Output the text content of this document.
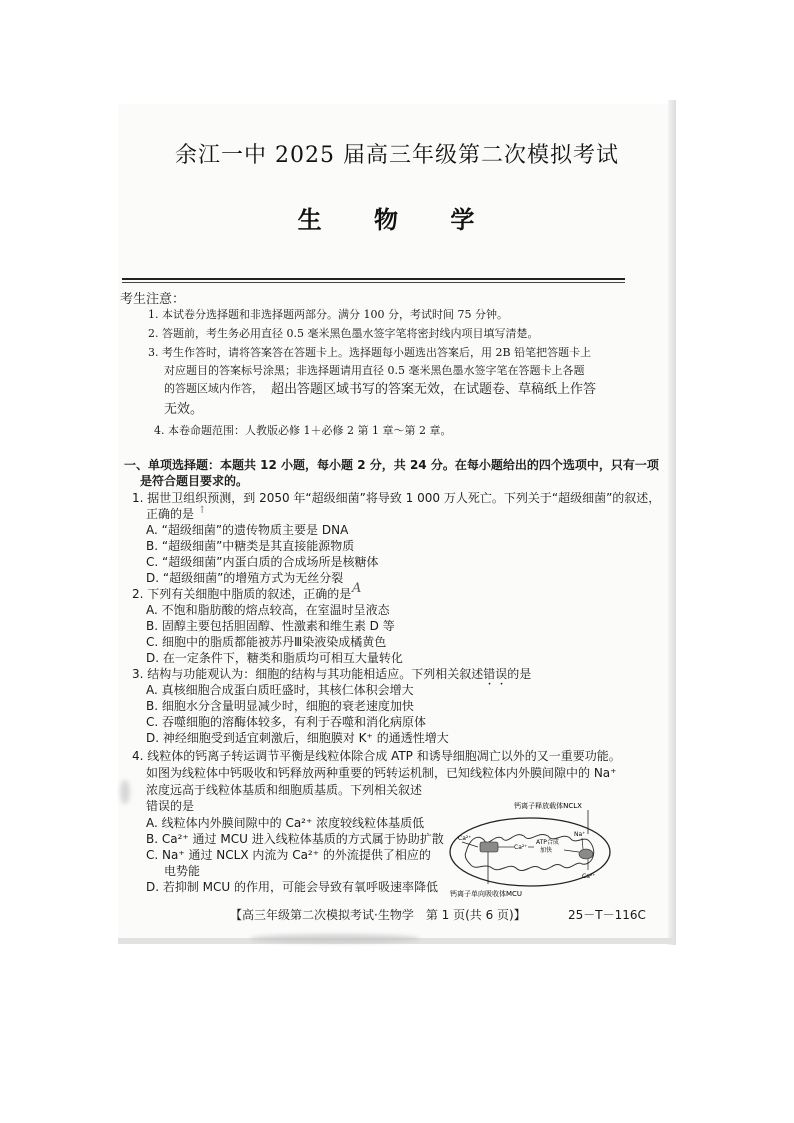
余江一中 2025 届高三年级第二次模拟考试
生 物 学
考生注意：
1. 本试卷分选择题和非选择题两部分。满分 100 分，考试时间 75 分钟。
2. 答题前，考生务必用直径 0.5 毫米黑色墨水签字笔将密封线内项目填写清楚。
3. 考生作答时，请将答案答在答题卡上。选择题每小题选出答案后，用 2B 铅笔把答题卡上
对应题目的答案标号涂黑；非选择题请用直径 0.5 毫米黑色墨水签字笔在答题卡上各题
的答题区域内作答， 超出答题区域书写的答案无效，在试题卷、草稿纸上作答
无效。
4. 本卷命题范围：人教版必修 1＋必修 2 第 1 章～第 2 章。
一、单项选择题：本题共 12 小题，每小题 2 分，共 24 分。在每小题给出的四个选项中，只有一项
是符合题目要求的。
1. 据世卫组织预测，到 2050 年“超级细菌”将导致 1 000 万人死亡。下列关于“超级细菌”的叙述，
正确的是 ↑
A. “超级细菌”的遗传物质主要是 DNA
B. “超级细菌”中糖类是其直接能源物质
C. “超级细菌”内蛋白质的合成场所是核糖体
D. “超级细菌”的增殖方式为无丝分裂
2. 下列有关细胞中脂质的叙述，正确的是 A
A. 不饱和脂肪酸的熔点较高，在室温时呈液态
B. 固醇主要包括胆固醇、性激素和维生素 D 等
C. 细胞中的脂质都能被苏丹Ⅲ染液染成橘黄色
D. 在一定条件下，糖类和脂质均可相互大量转化
3. 结构与功能观认为：细胞的结构与其功能相适应。下列相关叙述错误的是
A. 真核细胞合成蛋白质旺盛时，其核仁体积会增大
B. 细胞水分含量明显减少时，细胞的衰老速度加快
C. 吞噬细胞的溶酶体较多，有利于吞噬和消化病原体
D. 神经细胞受到适宜刺激后，细胞膜对 K⁺ 的通透性增大
4. 线粒体的钙离子转运调节平衡是线粒体除合成 ATP 和诱导细胞凋亡以外的又一重要功能。
如图为线粒体中钙吸收和钙释放两种重要的钙转运机制，已知线粒体内外膜间隙中的 Na⁺
浓度远高于线粒体基质和细胞质基质。下列相关叙述
错误的是
A. 线粒体内外膜间隙中的 Ca²⁺ 浓度较线粒体基质低
B. Ca²⁺ 通过 MCU 进入线粒体基质的方式属于协助扩散
C. Na⁺ 通过 NCLX 内流为 Ca²⁺ 的外流提供了相应的
电势能
D. 若抑制 MCU 的作用，可能会导致有氧呼吸速率降低
钙离子释放载体NCLX
Ca²⁺
Ca²⁺
ATP合成
加快
Na⁺
Ca²⁺
钙离子单向吸收体MCU
【高三年级第二次模拟考试·生物学　第 1 页(共 6 页)】	25－T－116C
